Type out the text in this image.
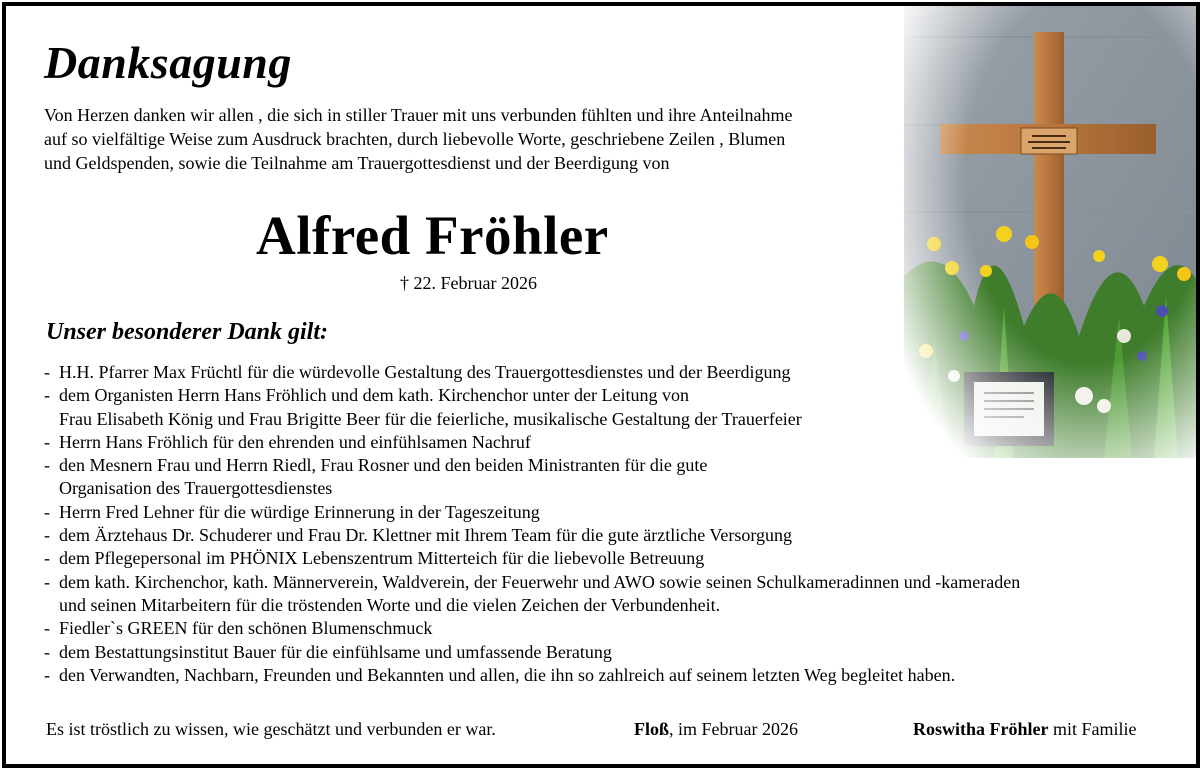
Danksagung

Von Herzen danken wir allen , die sich in stiller Trauer mit uns verbunden fühlten und ihre Anteilnahme
auf so vielfältige Weise zum Ausdruck brachten, durch liebevolle Worte, geschriebene Zeilen , Blumen
und Geldspenden, sowie die Teilnahme am Trauergottesdienst und der Beerdigung von

Alfred Fröhler
† 22. Februar 2026
Unser besonderer Dank gilt:
- H.H. Pfarrer Max Früchtl für die würdevolle Gestaltung des Trauergottesdienstes und der Beerdigung
- dem Organisten Herrn Hans Fröhlich und dem kath. Kirchenchor unter der Leitung von
Frau Elisabeth König und Frau Brigitte Beer für die feierliche, musikalische Gestaltung der Trauerfeier
- Herrn Hans Fröhlich für den ehrenden und einfühlsamen Nachruf
- den Mesnern Frau und Herrn Riedl, Frau Rosner und den beiden Ministranten für die gute
Organisation des Trauergottesdienstes
- Herrn Fred Lehner für die würdige Erinnerung in der Tageszeitung
- dem Ärztehaus Dr. Schuderer und Frau Dr. Klettner mit Ihrem Team für die gute ärztliche Versorgung
- dem Pflegepersonal im PHÖNIX Lebenszentrum Mitterteich für die liebevolle Betreuung
- dem kath. Kirchenchor, kath. Männerverein, Waldverein, der Feuerwehr und AWO sowie seinen Schulkameradinnen und -kameraden
und seinen Mitarbeitern für die tröstenden Worte und die vielen Zeichen der Verbundenheit.
- Fiedler`s GREEN für den schönen Blumenschmuck
- dem Bestattungsinstitut Bauer für die einfühlsame und umfassende Beratung
- den Verwandten, Nachbarn, Freunden und Bekannten und allen, die ihn so zahlreich auf seinem letzten Weg begleitet haben.
Es ist tröstlich zu wissen, wie geschätzt und verbunden er war.	Floß, im Februar 2026	Roswitha Fröhler mit Familie
